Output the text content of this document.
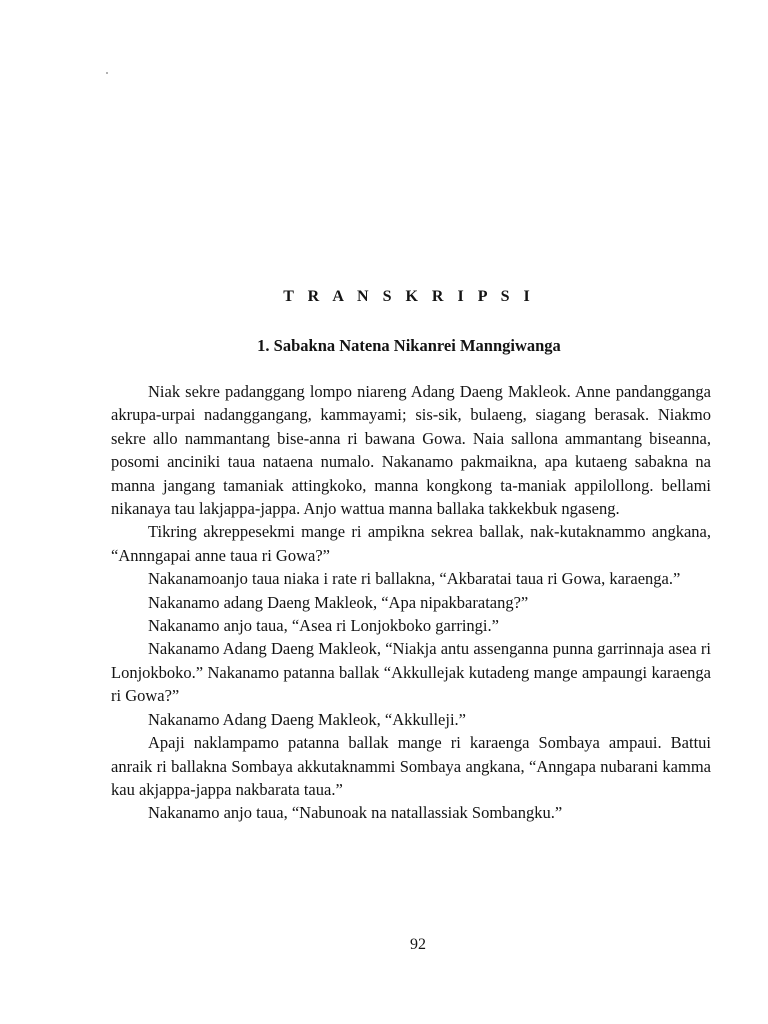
T R A N S K R I P S I
1. Sabakna Natena Nikanrei Manngiwanga

Niak sekre padanggang lompo niareng Adang Daeng Makleok. Anne pandangganga akrupa-urpai nadanggangang, kammayami; sis-sik, bulaeng, siagang berasak. Niakmo sekre allo nammantang bise-anna ri bawana Gowa. Naia sallona ammantang biseanna, posomi anciniki taua nataena numalo. Nakanamo pakmaikna, apa kutaeng sabakna na manna jangang tamaniak attingkoko, manna kongkong ta-maniak appilollong. bellami nikanaya tau lakjappa-jappa. Anjo wattua manna ballaka takkekbuk ngaseng.

Tikring akreppesekmi mange ri ampikna sekrea ballak, nak-kutaknammo angkana, “Annngapai anne taua ri Gowa?”

Nakanamoanjo taua niaka i rate ri ballakna, “Akbaratai taua ri Gowa, karaenga.”

Nakanamo adang Daeng Makleok, “Apa nipakbaratang?”

Nakanamo anjo taua, “Asea ri Lonjokboko garringi.”

Nakanamo Adang Daeng Makleok, “Niakja antu assenganna punna garrinnaja asea ri Lonjokboko.” Nakanamo patanna ballak “Akkullejak kutadeng mange ampaungi karaenga ri Gowa?”

Nakanamo Adang Daeng Makleok, “Akkulleji.”

Apaji naklampamo patanna ballak mange ri karaenga Sombaya ampaui. Battui anraik ri ballakna Sombaya akkutaknammi Sombaya angkana, “Anngapa nubarani kamma kau akjappa-jappa nakbarata taua.”

Nakanamo anjo taua, “Nabunoak na natallassiak Sombangku.”

92
